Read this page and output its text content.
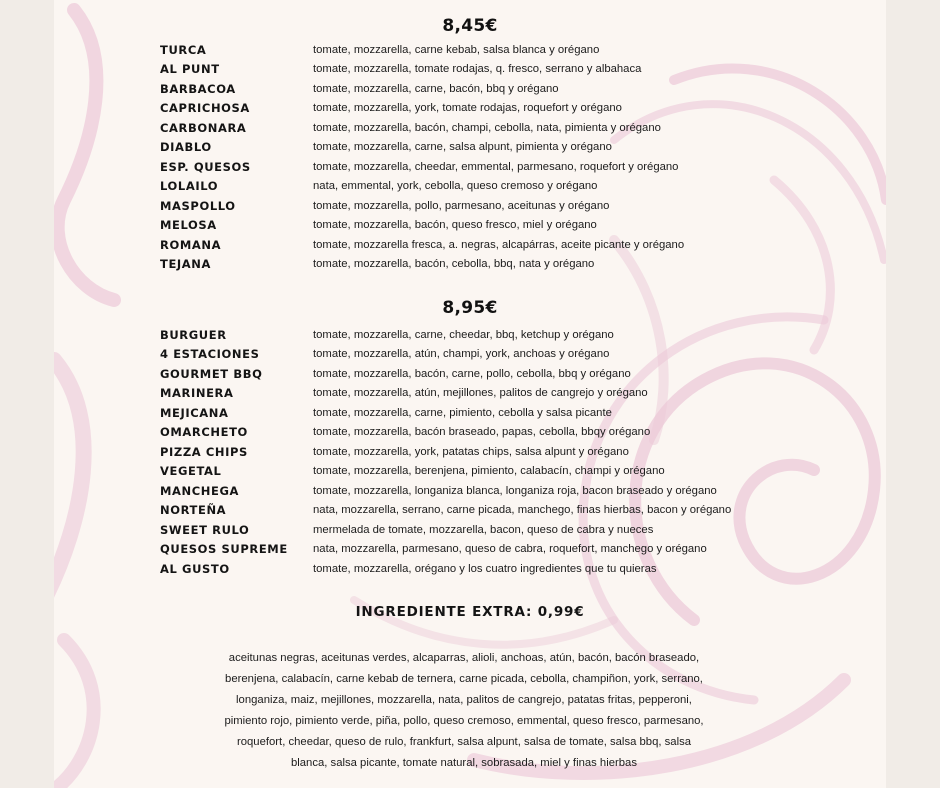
8,45€
TURCA	tomate, mozzarella, carne kebab, salsa blanca y orégano
AL PUNT	tomate, mozzarella, tomate rodajas, q. fresco, serrano y albahaca
BARBACOA	tomate, mozzarella, carne, bacón, bbq y orégano
CAPRICHOSA	tomate, mozzarella, york, tomate rodajas, roquefort y orégano
CARBONARA	tomate, mozzarella, bacón, champi, cebolla, nata, pimienta y orégano
DIABLO	tomate, mozzarella, carne, salsa alpunt, pimienta y orégano
ESP. QUESOS	tomate, mozzarella, cheedar, emmental, parmesano, roquefort y orégano
LOLAILO	nata, emmental, york, cebolla, queso cremoso y orégano
MASPOLLO	tomate, mozzarella, pollo, parmesano, aceitunas y orégano
MELOSA	tomate, mozzarella, bacón, queso fresco, miel y orégano
ROMANA	tomate, mozzarella fresca, a. negras, alcapárras, aceite picante y orégano
TEJANA	tomate, mozzarella, bacón, cebolla, bbq, nata y orégano
8,95€
BURGUER	tomate, mozzarella, carne, cheedar, bbq, ketchup y orégano
4 ESTACIONES	tomate, mozzarella, atún, champi, york, anchoas y orégano
GOURMET BBQ	tomate, mozzarella, bacón, carne, pollo, cebolla, bbq y orégano
MARINERA	tomate, mozzarella, atún, mejillones, palitos de cangrejo y orégano
MEJICANA	tomate, mozzarella, carne, pimiento, cebolla y salsa picante
OMARCHETO	tomate, mozzarella, bacón braseado, papas, cebolla, bbqy orégano
PIZZA CHIPS	tomate, mozzarella, york, patatas chips, salsa alpunt y orégano
VEGETAL	tomate, mozzarella, berenjena, pimiento, calabacín, champi y orégano
MANCHEGA	tomate, mozzarella, longaniza blanca, longaniza roja, bacon braseado y orégano
NORTEÑA	nata, mozzarella, serrano, carne picada, manchego, finas hierbas, bacon y orégano
SWEET RULO	mermelada de tomate, mozzarella, bacon, queso de cabra y nueces
QUESOS SUPREME	nata, mozzarella, parmesano, queso de cabra, roquefort, manchego y orégano
AL GUSTO	tomate, mozzarella, orégano y los cuatro ingredientes que tu quieras
INGREDIENTE EXTRA: 0,99€
aceitunas negras, aceitunas verdes, alcaparras, alioli, anchoas, atún, bacón, bacón braseado,
berenjena, calabacín, carne kebab de ternera, carne picada, cebolla, champiñon, york, serrano,
longaniza, maiz, mejillones, mozzarella, nata, palitos de cangrejo, patatas fritas, pepperoni,
pimiento rojo, pimiento verde, piña, pollo, queso cremoso, emmental, queso fresco, parmesano,
roquefort, cheedar, queso de rulo, frankfurt, salsa alpunt, salsa de tomate, salsa bbq, salsa
blanca, salsa picante, tomate natural, sobrasada, miel y finas hierbas
